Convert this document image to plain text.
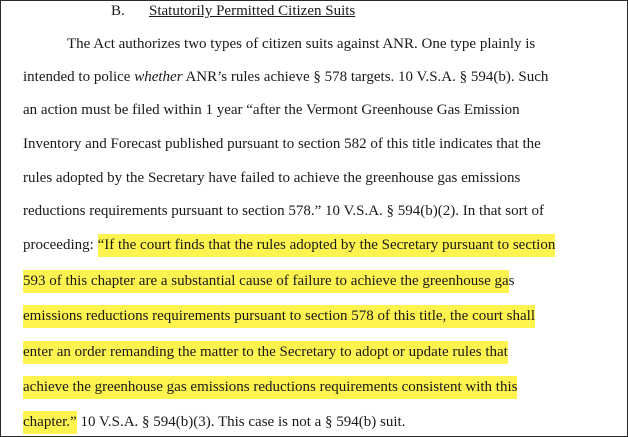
B. Statutorily Permitted Citizen Suits
The Act authorizes two types of citizen suits against ANR. One type plainly is
intended to police whether ANR’s rules achieve § 578 targets. 10 V.S.A. § 594(b). Such
an action must be filed within 1 year “after the Vermont Greenhouse Gas Emission
Inventory and Forecast published pursuant to section 582 of this title indicates that the
rules adopted by the Secretary have failed to achieve the greenhouse gas emissions
reductions requirements pursuant to section 578.” 10 V.S.A. § 594(b)(2). In that sort of
proceeding: “If the court finds that the rules adopted by the Secretary pursuant to section
593 of this chapter are a substantial cause of failure to achieve the greenhouse gas
emissions reductions requirements pursuant to section 578 of this title, the court shall
enter an order remanding the matter to the Secretary to adopt or update rules that
achieve the greenhouse gas emissions reductions requirements consistent with this
chapter.” 10 V.S.A. § 594(b)(3). This case is not a § 594(b) suit.
